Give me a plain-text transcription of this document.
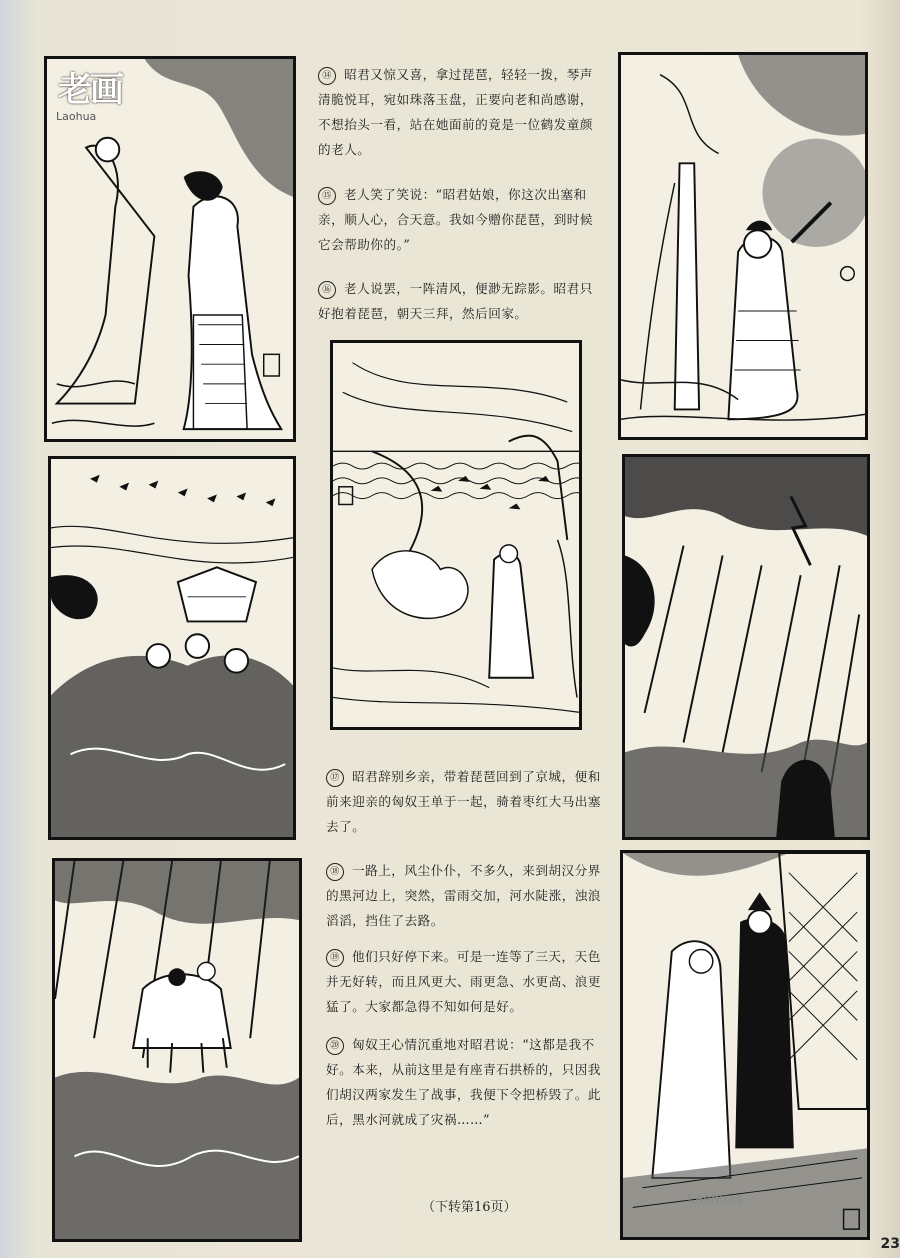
老画
Laohua
Laohuas
⑭ 昭君又惊又喜，拿过琵琶，轻轻一拨，琴声
清脆悦耳，宛如珠落玉盘，正要向老和尚感谢，
不想抬头一看，站在她面前的竟是一位鹤发童颜
的老人。
⑮ 老人笑了笑说：“昭君姑娘，你这次出塞和
亲，顺人心，合天意。我如今赠你琵琶，到时候
它会帮助你的。”
⑯ 老人说罢，一阵清风，便渺无踪影。昭君只
好抱着琵琶，朝天三拜，然后回家。
⑰ 昭君辞别乡亲，带着琵琶回到了京城，便和
前来迎亲的匈奴王单于一起，骑着枣红大马出塞
去了。
⑱ 一路上，风尘仆仆，不多久，来到胡汉分界
的黑河边上，突然，雷雨交加，河水陡涨，浊浪
滔滔，挡住了去路。
⑲ 他们只好停下来。可是一连等了三天，天色
并无好转，而且风更大、雨更急、水更高、浪更
猛了。大家都急得不知如何是好。
⑳ 匈奴王心情沉重地对昭君说：“这都是我不
好。本来，从前这里是有座青石拱桥的，只因我
们胡汉两家发生了战事，我便下令把桥毁了。此
后，黑水河就成了灾祸……”
（下转第16页）
23
